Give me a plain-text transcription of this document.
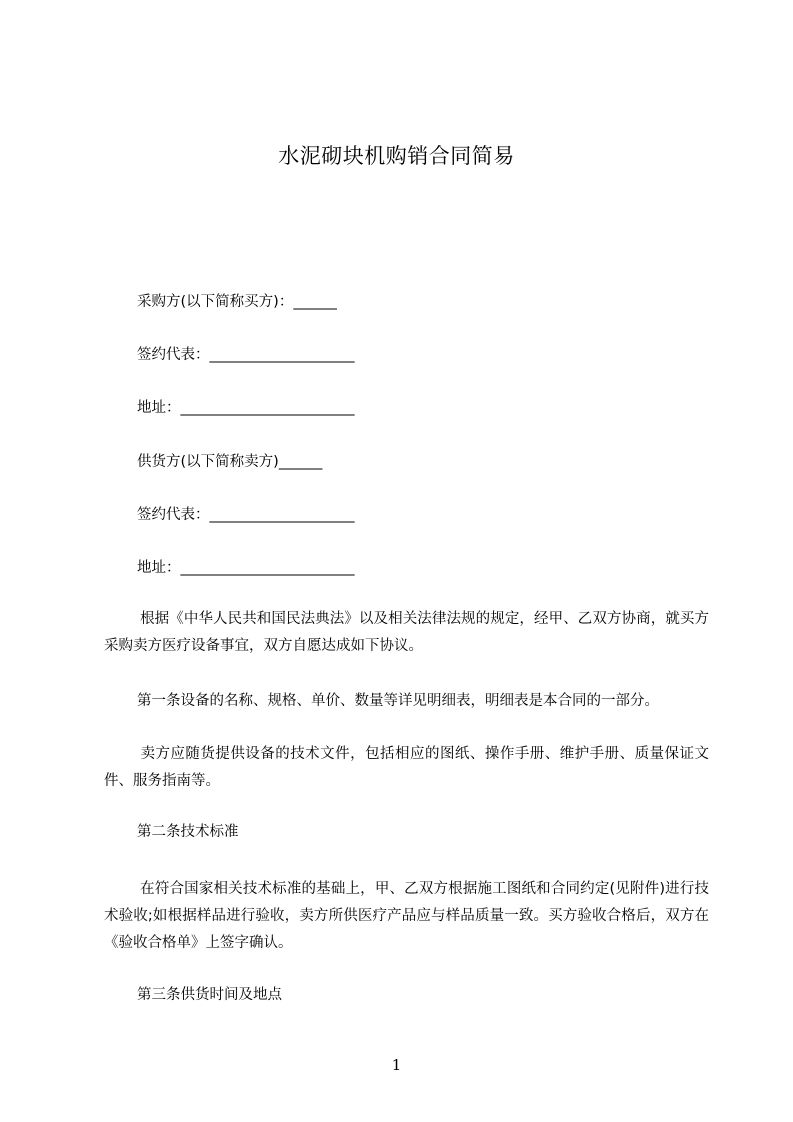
水泥砌块机购销合同简易
采购方(以下简称买方)：______
签约代表：____________________
地址：________________________
供货方(以下简称卖方)______
签约代表：____________________
地址：________________________
根据《中华人民共和国民法典法》以及相关法律法规的规定，经甲、乙双方协商，就买方采购卖方医疗设备事宜，双方自愿达成如下协议。
第一条设备的名称、规格、单价、数量等详见明细表，明细表是本合同的一部分。
卖方应随货提供设备的技术文件，包括相应的图纸、操作手册、维护手册、质量保证文件、服务指南等。
第二条技术标准
在符合国家相关技术标准的基础上，甲、乙双方根据施工图纸和合同约定(见附件)进行技术验收;如根据样品进行验收，卖方所供医疗产品应与样品质量一致。买方验收合格后，双方在《验收合格单》上签字确认。
第三条供货时间及地点
1
